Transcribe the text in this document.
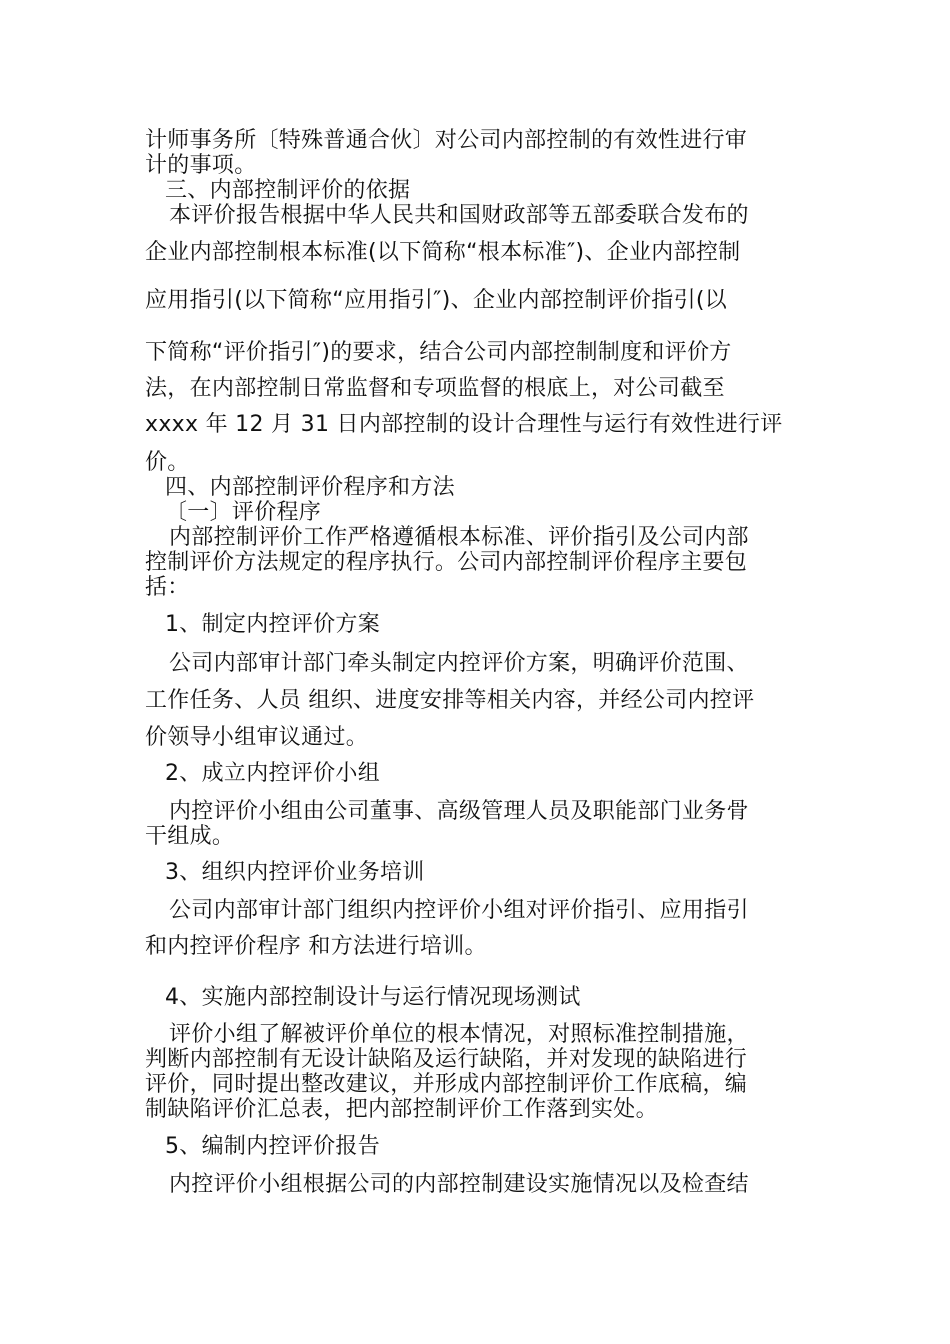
计师事务所〔特殊普通合伙〕对公司内部控制的有效性进行审
计的事项。
三、内部控制评价的依据
本评价报告根据中华人民共和国财政部等五部委联合发布的
企业内部控制根本标准(以下简称“根本标准″)、企业内部控制
应用指引(以下简称“应用指引″)、企业内部控制评价指引(以
下简称“评价指引″)的要求，结合公司内部控制制度和评价方
法，在内部控制日常监督和专项监督的根底上，对公司截至
xxxx 年 12 月 31 日内部控制的设计合理性与运行有效性进行评
价。
四、内部控制评价程序和方法
〔一〕评价程序
内部控制评价工作严格遵循根本标准、评价指引及公司内部
控制评价方法规定的程序执行。公司内部控制评价程序主要包
括：
1、制定内控评价方案
公司内部审计部门牵头制定内控评价方案，明确评价范围、
工作任务、人员 组织、进度安排等相关内容，并经公司内控评
价领导小组审议通过。
2、成立内控评价小组
内控评价小组由公司董事、高级管理人员及职能部门业务骨
干组成。
3、组织内控评价业务培训
公司内部审计部门组织内控评价小组对评价指引、应用指引
和内控评价程序 和方法进行培训。
4、实施内部控制设计与运行情况现场测试
评价小组了解被评价单位的根本情况，对照标准控制措施，
判断内部控制有无设计缺陷及运行缺陷，并对发现的缺陷进行
评价，同时提出整改建议，并形成内部控制评价工作底稿，编
制缺陷评价汇总表，把内部控制评价工作落到实处。
5、编制内控评价报告
内控评价小组根据公司的内部控制建设实施情况以及检查结
